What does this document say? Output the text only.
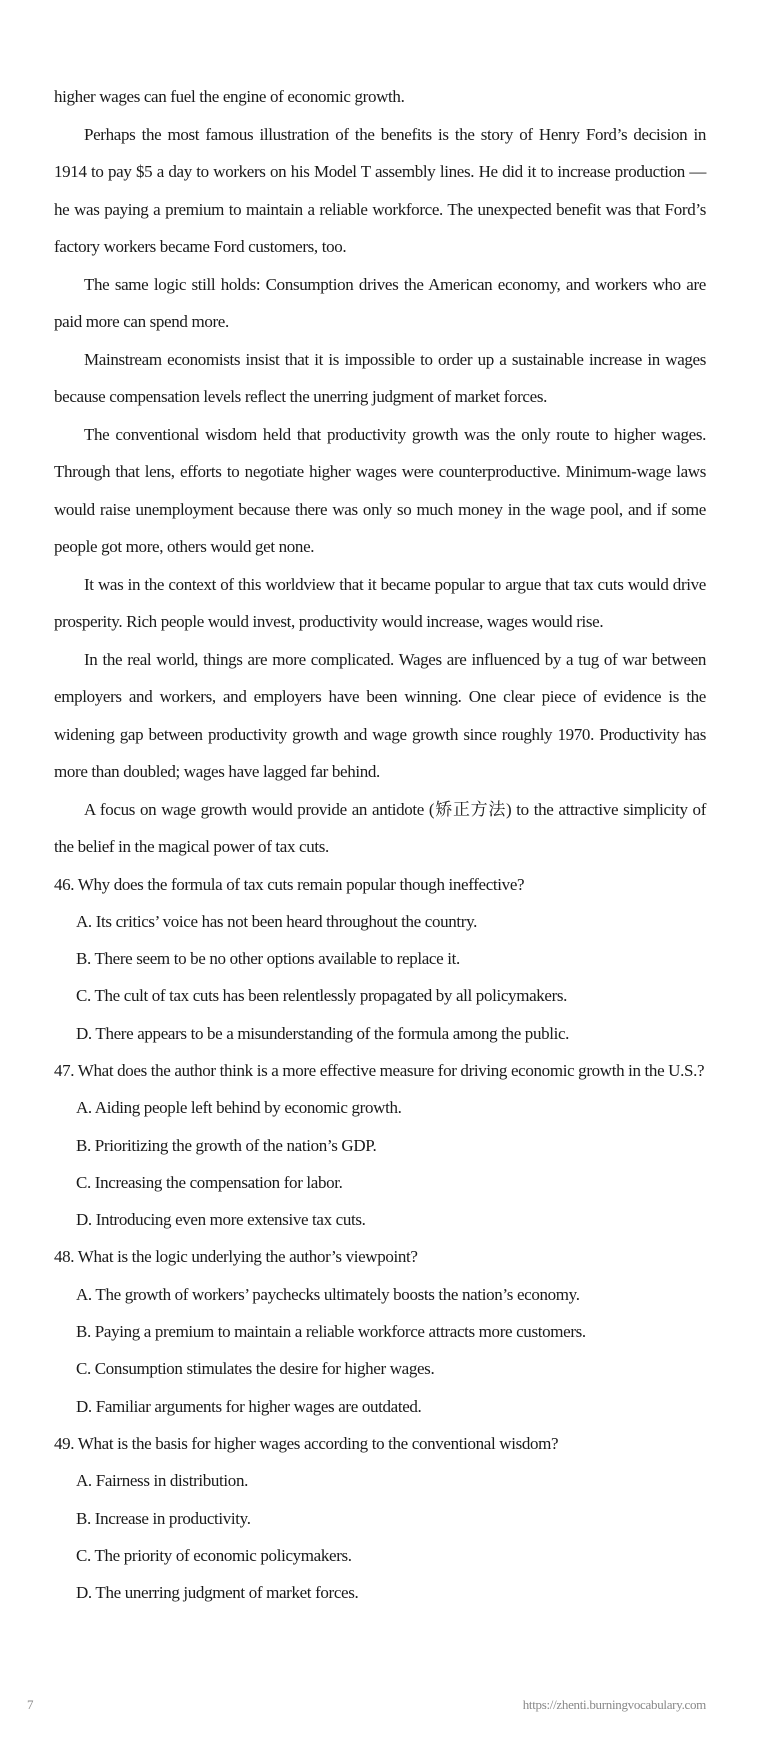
higher wages can fuel the engine of economic growth.

Perhaps the most famous illustration of the benefits is the story of Henry Ford’s decision in 1914 to pay $5 a day to workers on his Model T assembly lines. He did it to increase production — he was paying a premium to maintain a reliable workforce. The unexpected benefit was that Ford’s factory workers became Ford customers, too.

The same logic still holds: Consumption drives the American economy, and workers who are paid more can spend more.

Mainstream economists insist that it is impossible to order up a sustainable increase in wages because compensation levels reflect the unerring judgment of market forces.

The conventional wisdom held that productivity growth was the only route to higher wages. Through that lens, efforts to negotiate higher wages were counterproductive. Minimum-wage laws would raise unemployment because there was only so much money in the wage pool, and if some people got more, others would get none.

It was in the context of this worldview that it became popular to argue that tax cuts would drive prosperity. Rich people would invest, productivity would increase, wages would rise.

In the real world, things are more complicated. Wages are influenced by a tug of war between employers and workers, and employers have been winning. One clear piece of evidence is the widening gap between productivity growth and wage growth since roughly 1970. Productivity has more than doubled; wages have lagged far behind.

A focus on wage growth would provide an antidote (矫正方法) to the attractive simplicity of the belief in the magical power of tax cuts.

46. Why does the formula of tax cuts remain popular though ineffective?
A. Its critics’ voice has not been heard throughout the country.
B. There seem to be no other options available to replace it.
C. The cult of tax cuts has been relentlessly propagated by all policymakers.
D. There appears to be a misunderstanding of the formula among the public.
47. What does the author think is a more effective measure for driving economic growth in the U.S.?
A. Aiding people left behind by economic growth.
B. Prioritizing the growth of the nation’s GDP.
C. Increasing the compensation for labor.
D. Introducing even more extensive tax cuts.
48. What is the logic underlying the author’s viewpoint?
A. The growth of workers’ paychecks ultimately boosts the nation’s economy.
B. Paying a premium to maintain a reliable workforce attracts more customers.
C. Consumption stimulates the desire for higher wages.
D. Familiar arguments for higher wages are outdated.
49. What is the basis for higher wages according to the conventional wisdom?
A. Fairness in distribution.
B. Increase in productivity.
C. The priority of economic policymakers.
D. The unerring judgment of market forces.
7	https://zhenti.burningvocabulary.com
